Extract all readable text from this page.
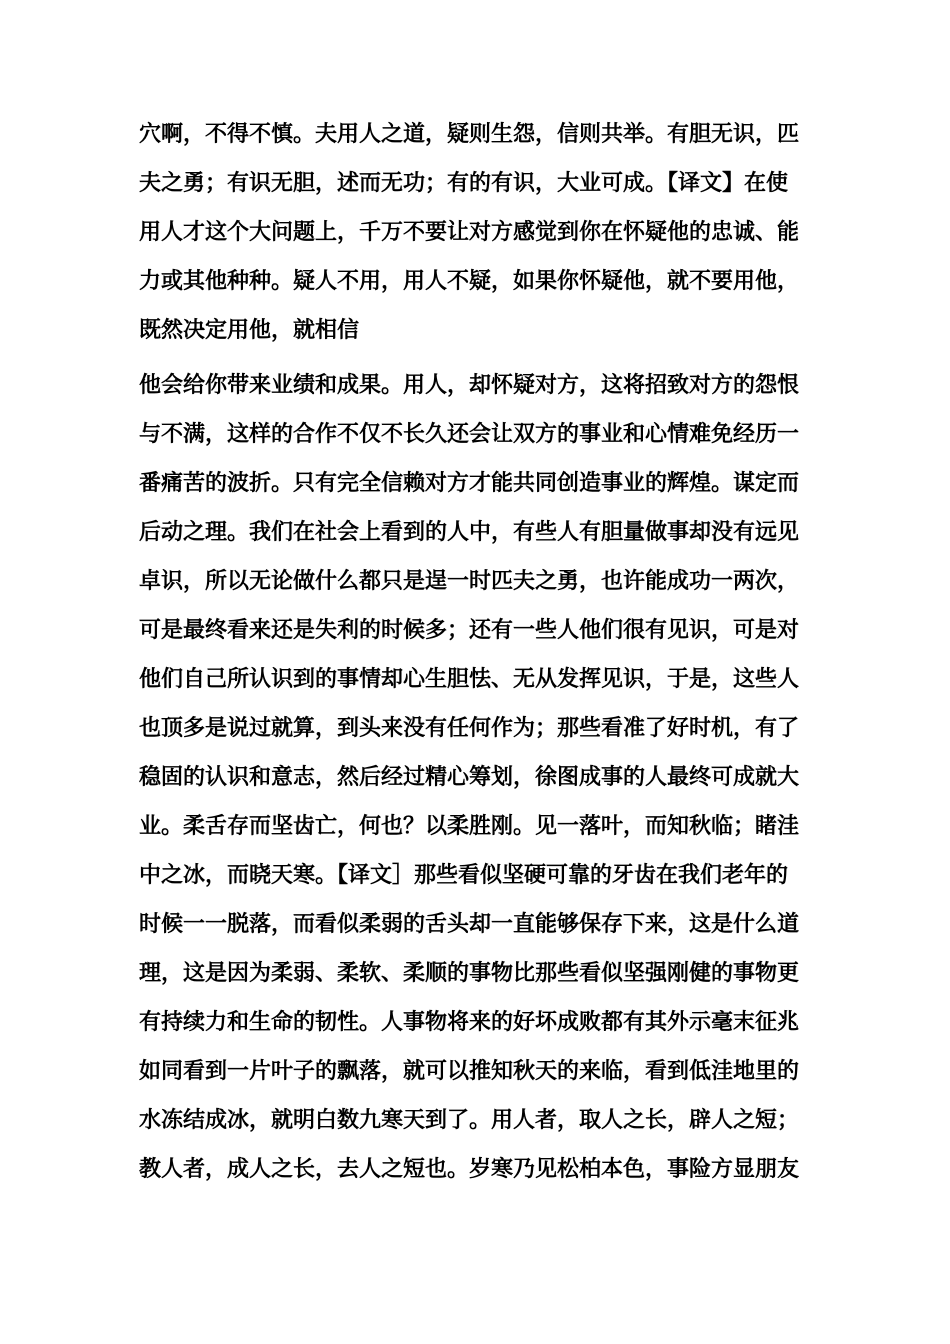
穴啊，不得不慎。夫用人之道，疑则生怨，信则共举。有胆无识，匹
夫之勇；有识无胆，述而无功；有的有识，大业可成。【译文】在使
用人才这个大问题上，千万不要让对方感觉到你在怀疑他的忠诚、能
力或其他种种。疑人不用，用人不疑，如果你怀疑他，就不要用他，
既然决定用他，就相信
他会给你带来业绩和成果。用人，却怀疑对方，这将招致对方的怨恨
与不满，这样的合作不仅不长久还会让双方的事业和心情难免经历一
番痛苦的波折。只有完全信赖对方才能共同创造事业的辉煌。谋定而
后动之理。我们在社会上看到的人中，有些人有胆量做事却没有远见
卓识，所以无论做什么都只是逞一时匹夫之勇，也许能成功一两次，
可是最终看来还是失利的时候多；还有一些人他们很有见识，可是对
他们自己所认识到的事情却心生胆怯、无从发挥见识，于是，这些人
也顶多是说过就算，到头来没有任何作为；那些看准了好时机，有了
稳固的认识和意志，然后经过精心筹划，徐图成事的人最终可成就大
业。柔舌存而坚齿亡，何也？以柔胜刚。见一落叶，而知秋临；睹洼
中之冰，而晓天寒。【译文］那些看似坚硬可靠的牙齿在我们老年的
时候一一脱落，而看似柔弱的舌头却一直能够保存下来，这是什么道
理，这是因为柔弱、柔软、柔顺的事物比那些看似坚强刚健的事物更
有持续力和生命的韧性。人事物将来的好坏成败都有其外示毫末征兆
如同看到一片叶子的飘落，就可以推知秋天的来临，看到低洼地里的
水冻结成冰，就明白数九寒天到了。用人者，取人之长，辟人之短；
教人者，成人之长，去人之短也。岁寒乃见松柏本色，事险方显朋友
